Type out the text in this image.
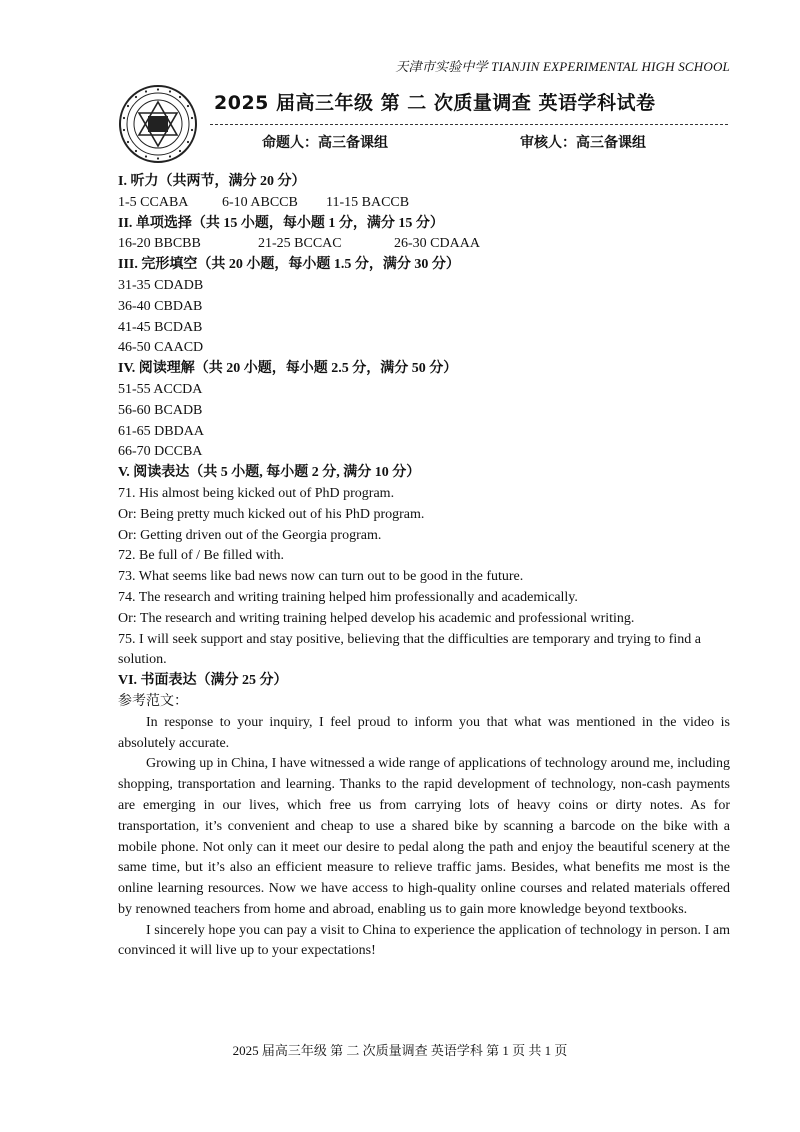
天津市实验中学 TIANJIN EXPERIMENTAL HIGH SCHOOL
2025 届高三年级 第 二 次质量调查 英语学科试卷
命题人：高三备课组	审核人：高三备课组
I. 听力（共两节，满分 20 分）
1-5 CCABA 6-10 ABCCB 11-15 BACCB
II. 单项选择（共 15 小题，每小题 1 分，满分 15 分）
16-20 BBCBB	21-25 BCCAC	26-30 CDAAA
III. 完形填空（共 20 小题，每小题 1.5 分，满分 30 分）
31-35 CDADB
36-40 CBDAB
41-45 BCDAB
46-50 CAACD
IV. 阅读理解（共 20 小题，每小题 2.5 分，满分 50 分）
51-55 ACCDA
56-60 BCADB
61-65 DBDAA
66-70 DCCBA
V. 阅读表达（共 5 小题, 每小题 2 分, 满分 10 分）
71. His almost being kicked out of PhD program.
Or: Being pretty much kicked out of his PhD program.
Or: Getting driven out of the Georgia program.
72. Be full of / Be filled with.
73. What seems like bad news now can turn out to be good in the future.
74. The research and writing training helped him professionally and academically.
Or: The research and writing training helped develop his academic and professional writing.
75. I will seek support and stay positive, believing that the difficulties are temporary and trying to find a solution.
VI. 书面表达（满分 25 分）
参考范文：

In response to your inquiry, I feel proud to inform you that what was mentioned in the video is absolutely accurate.

Growing up in China, I have witnessed a wide range of applications of technology around me, including shopping, transportation and learning. Thanks to the rapid development of technology, non-cash payments are emerging in our lives, which free us from carrying lots of heavy coins or dirty notes. As for transportation, it’s convenient and cheap to use a shared bike by scanning a barcode on the bike with a mobile phone. Not only can it meet our desire to pedal along the path and enjoy the beautiful scenery at the same time, but it’s also an efficient measure to relieve traffic jams. Besides, what benefits me most is the online learning resources. Now we have access to high-quality online courses and related materials offered by renowned teachers from home and abroad, enabling us to gain more knowledge beyond textbooks.

I sincerely hope you can pay a visit to China to experience the application of technology in person. I am convinced it will live up to your expectations!

2025 届高三年级 第 二 次质量调查 英语学科 第 1 页 共 1 页
